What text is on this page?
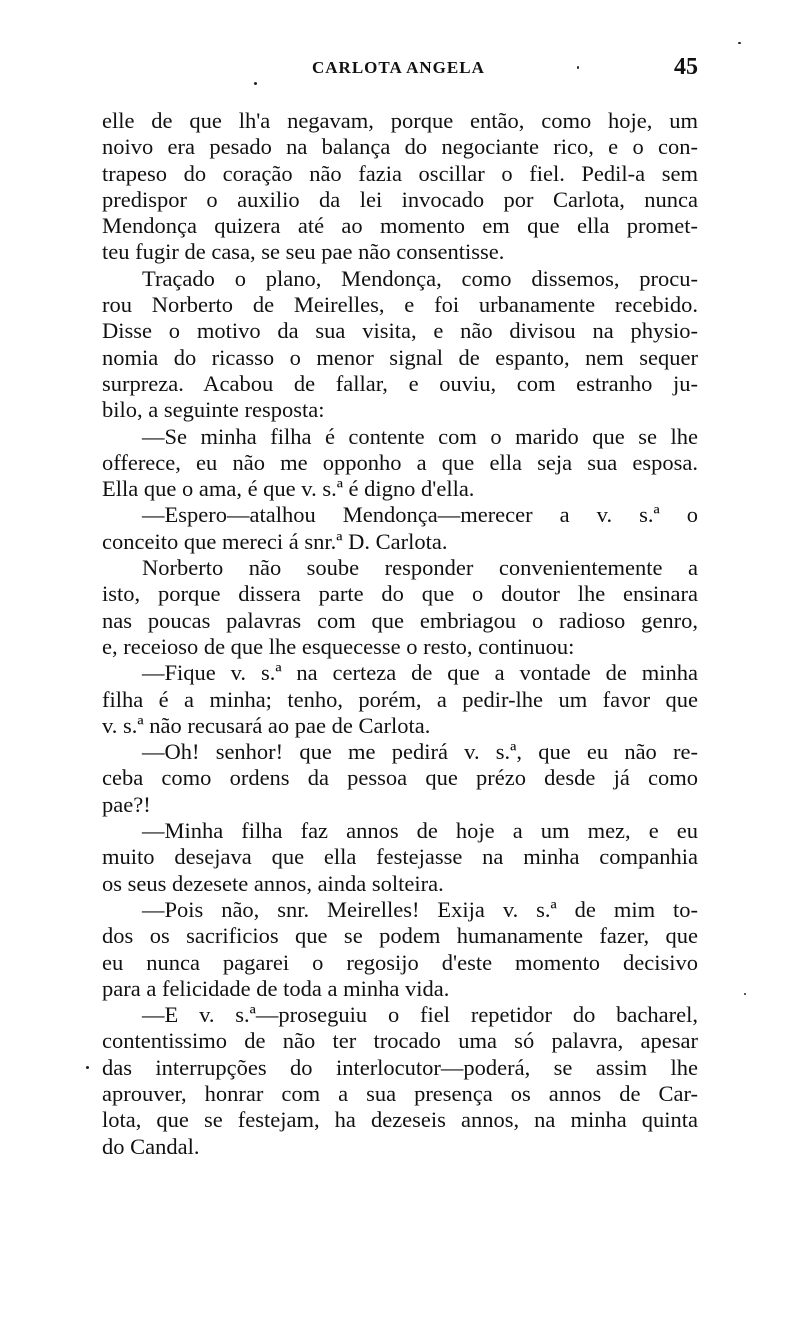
CARLOTA ANGELA	45
elle de que lh'a negavam, porque então, como hoje, um
noivo era pesado na balança do negociante rico, e o con-
trapeso do coração não fazia oscillar o fiel. Pedil-a sem
predispor o auxilio da lei invocado por Carlota, nunca
Mendonça quizera até ao momento em que ella promet-
teu fugir de casa, se seu pae não consentisse.
Traçado o plano, Mendonça, como dissemos, procu-
rou Norberto de Meirelles, e foi urbanamente recebido.
Disse o motivo da sua visita, e não divisou na physio-
nomia do ricasso o menor signal de espanto, nem sequer
surpreza. Acabou de fallar, e ouviu, com estranho ju-
bilo, a seguinte resposta:
—Se minha filha é contente com o marido que se lhe
offerece, eu não me opponho a que ella seja sua esposa.
Ella que o ama, é que v. s.ª é digno d'ella.
—Espero—atalhou Mendonça—merecer a v. s.ª o
conceito que mereci á snr.ª D. Carlota.
Norberto não soube responder convenientemente a
isto, porque dissera parte do que o doutor lhe ensinara
nas poucas palavras com que embriagou o radioso genro,
e, receioso de que lhe esquecesse o resto, continuou:
—Fique v. s.ª na certeza de que a vontade de minha
filha é a minha; tenho, porém, a pedir-lhe um favor que
v. s.ª não recusará ao pae de Carlota.
—Oh! senhor! que me pedirá v. s.ª, que eu não re-
ceba como ordens da pessoa que prézo desde já como
pae?!
—Minha filha faz annos de hoje a um mez, e eu
muito desejava que ella festejasse na minha companhia
os seus dezesete annos, ainda solteira.
—Pois não, snr. Meirelles! Exija v. s.ª de mim to-
dos os sacrificios que se podem humanamente fazer, que
eu nunca pagarei o regosijo d'este momento decisivo
para a felicidade de toda a minha vida.
—E v. s.ª—proseguiu o fiel repetidor do bacharel,
contentissimo de não ter trocado uma só palavra, apesar
das interrupções do interlocutor—poderá, se assim lhe
aprouver, honrar com a sua presença os annos de Car-
lota, que se festejam, ha dezeseis annos, na minha quinta
do Candal.
